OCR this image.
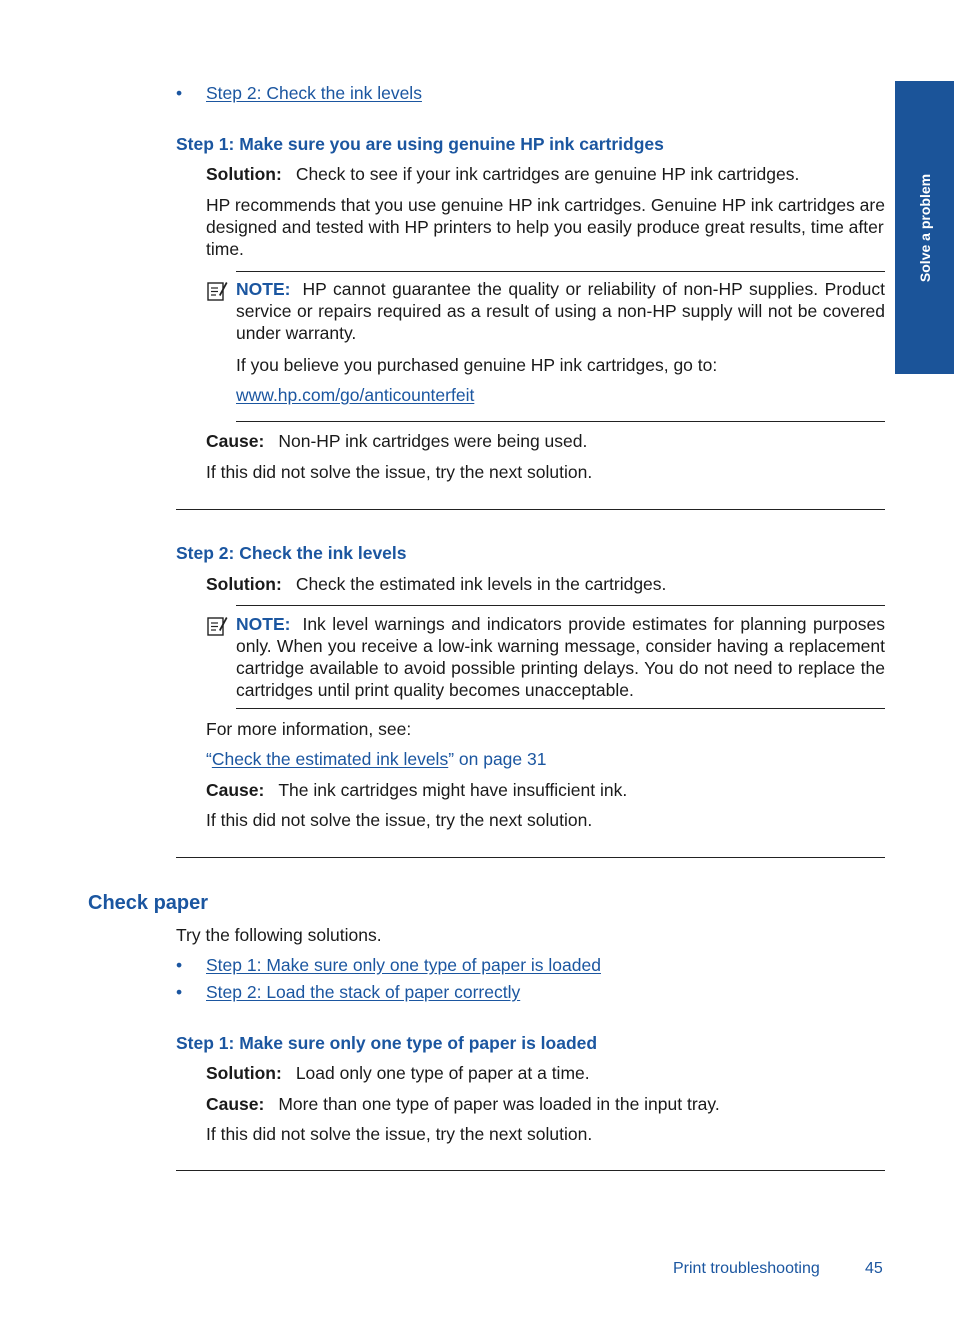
Solve a problem
• Step 2: Check the ink levels
Step 1: Make sure you are using genuine HP ink cartridges
Solution: Check to see if your ink cartridges are genuine HP ink cartridges.
HP recommends that you use genuine HP ink cartridges. Genuine HP ink cartridges are designed and tested with HP printers to help you easily produce great results, time after time.
NOTE: HP cannot guarantee the quality or reliability of non-HP supplies. Product service or repairs required as a result of using a non-HP supply will not be covered under warranty.
If you believe you purchased genuine HP ink cartridges, go to:
www.hp.com/go/anticounterfeit
Cause: Non-HP ink cartridges were being used.
If this did not solve the issue, try the next solution.
Step 2: Check the ink levels
Solution: Check the estimated ink levels in the cartridges.
NOTE: Ink level warnings and indicators provide estimates for planning purposes only. When you receive a low-ink warning message, consider having a replacement cartridge available to avoid possible printing delays. You do not need to replace the cartridges until print quality becomes unacceptable.
For more information, see:
“Check the estimated ink levels” on page 31
Cause: The ink cartridges might have insufficient ink.
If this did not solve the issue, try the next solution.
Check paper
Try the following solutions.
• Step 1: Make sure only one type of paper is loaded
• Step 2: Load the stack of paper correctly
Step 1: Make sure only one type of paper is loaded
Solution: Load only one type of paper at a time.
Cause: More than one type of paper was loaded in the input tray.
If this did not solve the issue, try the next solution.
Print troubleshooting	45
